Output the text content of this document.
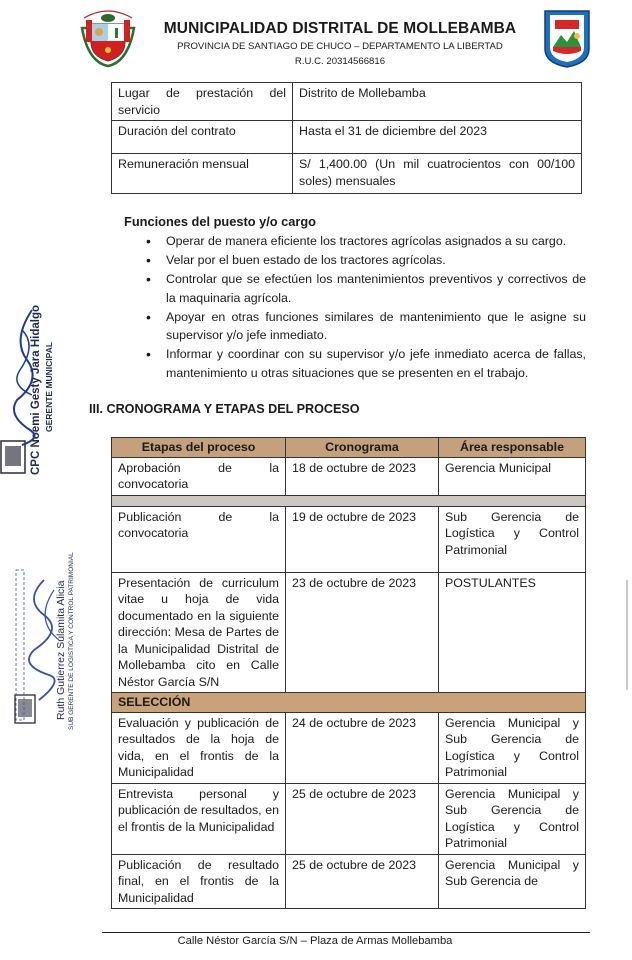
MUNICIPALIDAD DISTRITAL DE MOLLEBAMBA
PROVINCIA DE SANTIAGO DE CHUCO – DEPARTAMENTO LA LIBERTAD
R.U.C. 20314566816
Lugar de prestación del servicio	Distrito de Mollebamba
Duración del contrato	Hasta el 31 de diciembre del 2023
Remuneración mensual	S/ 1,400.00 (Un mil cuatrocientos con 00/100 soles) mensuales
Funciones del puesto y/o cargo
• Operar de manera eficiente los tractores agrícolas asignados a su cargo.
• Velar por el buen estado de los tractores agrícolas.
• Controlar que se efectúen los mantenimientos preventivos y correctivos de la maquinaria agrícola.
• Apoyar en otras funciones similares de mantenimiento que le asigne su supervisor y/o jefe inmediato.
• Informar y coordinar con su supervisor y/o jefe inmediato acerca de fallas, mantenimiento u otras situaciones que se presenten en el trabajo.
III. CRONOGRAMA Y ETAPAS DEL PROCESO
Etapas del proceso	Cronograma	Área responsable
Aprobación de la convocatoria	18 de octubre de 2023	Gerencia Municipal

Publicación de la convocatoria	19 de octubre de 2023	Sub Gerencia de Logística y Control Patrimonial
Presentación de curriculum vitae u hoja de vida documentado en la siguiente dirección: Mesa de Partes de la Municipalidad Distrital de Mollebamba cito en Calle Néstor García S/N	23 de octubre de 2023	POSTULANTES
SELECCIÓN		
Evaluación y publicación de resultados de la hoja de vida, en el frontis de la Municipalidad	24 de octubre de 2023	Gerencia Municipal y Sub Gerencia de Logística y Control Patrimonial
Entrevista personal y publicación de resultados, en el frontis de la Municipalidad	25 de octubre de 2023	Gerencia Municipal y Sub Gerencia de Logística y Control Patrimonial
Publicación de resultado final, en el frontis de la Municipalidad	25 de octubre de 2023	Gerencia Municipal y Sub Gerencia de
CPC Noemi Gesty Jara Hidalgo GERENTE MUNICIPAL
Ruth Gutierrez Sulamita Alicia SUB GERENTE DE LOGISTICA Y CONTROL PATRIMONIAL
Calle Néstor García S/N – Plaza de Armas Mollebamba
